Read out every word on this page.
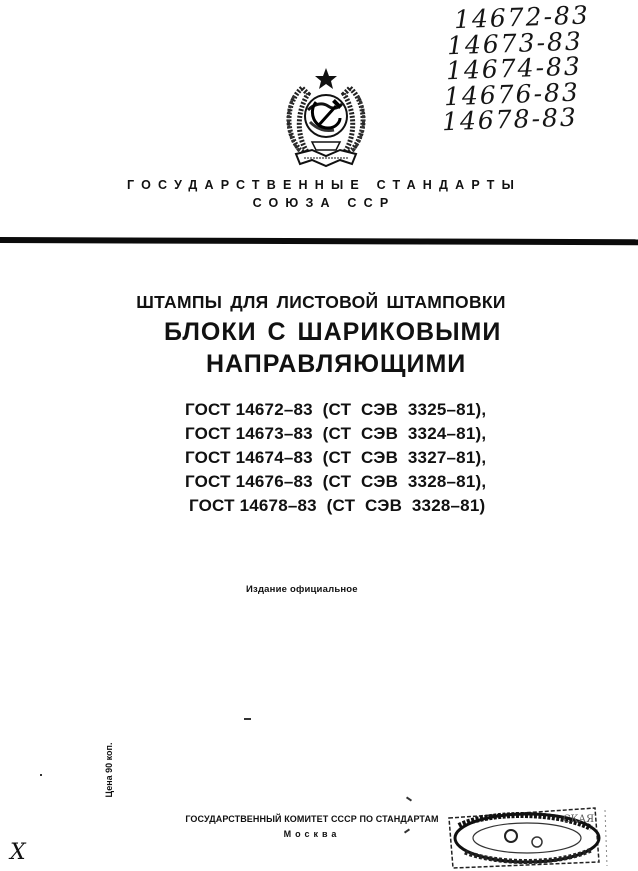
14672-83
14673-83
14674-83
14676-83
14678-83
ГОСУДАРСТВЕННЫЕ СТАНДАРТЫ
СОЮЗА ССР
ШТАМПЫ ДЛЯ ЛИСТОВОЙ ШТАМПОВКИ
БЛОКИ С ШАРИКОВЫМИ
НАПРАВЛЯЮЩИМИ
ГОСТ 14672–83  (СТ  СЭВ  3325–81),
ГОСТ 14673–83  (СТ  СЭВ  3324–81),
ГОСТ 14674–83  (СТ  СЭВ  3327–81),
ГОСТ 14676–83  (СТ  СЭВ  3328–81),
ГОСТ 14678–83  (СТ  СЭВ  3328–81)
Издание официальное
Цена 90 коп.
ГОСУДАРСТВЕННЫЙ КОМИТЕТ СССР ПО СТАНДАРТАМ
Москва
СКАЯ
Х
